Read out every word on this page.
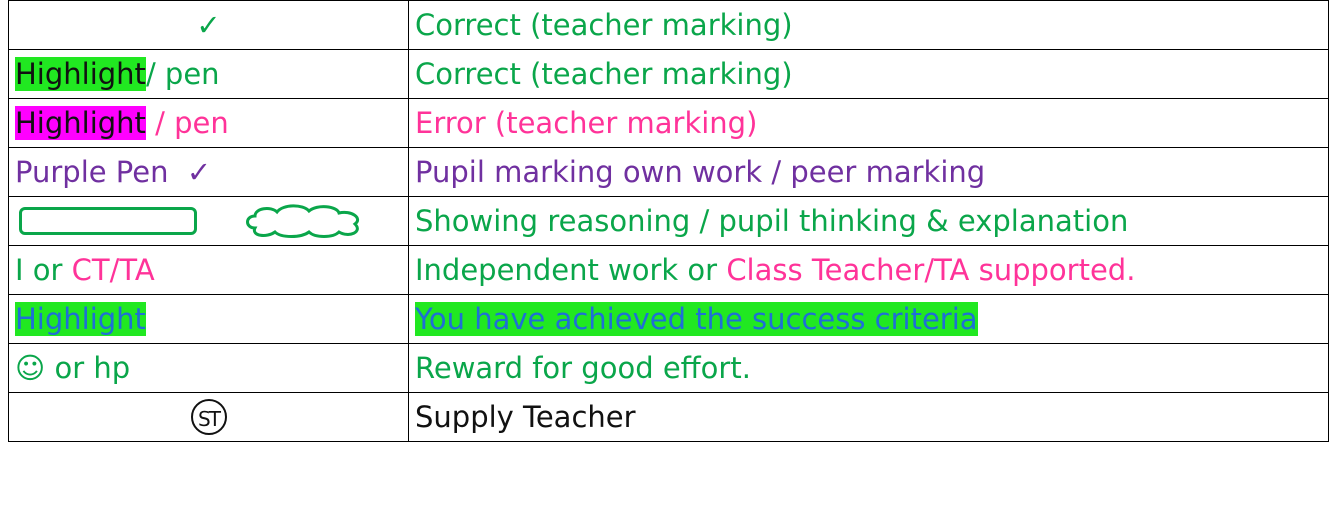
✓	Correct (teacher marking)
Highlight/ pen	Correct (teacher marking)
Highlight / pen	Error (teacher marking)
Purple Pen  ✓	Pupil marking own work / peer marking

	Showing reasoning / pupil thinking & explanation
I or CT/TA	Independent work or Class Teacher/TA supported.
Highlight	You have achieved the success criteria
☺ or hp	Reward for good effort.
ST	Supply Teacher
